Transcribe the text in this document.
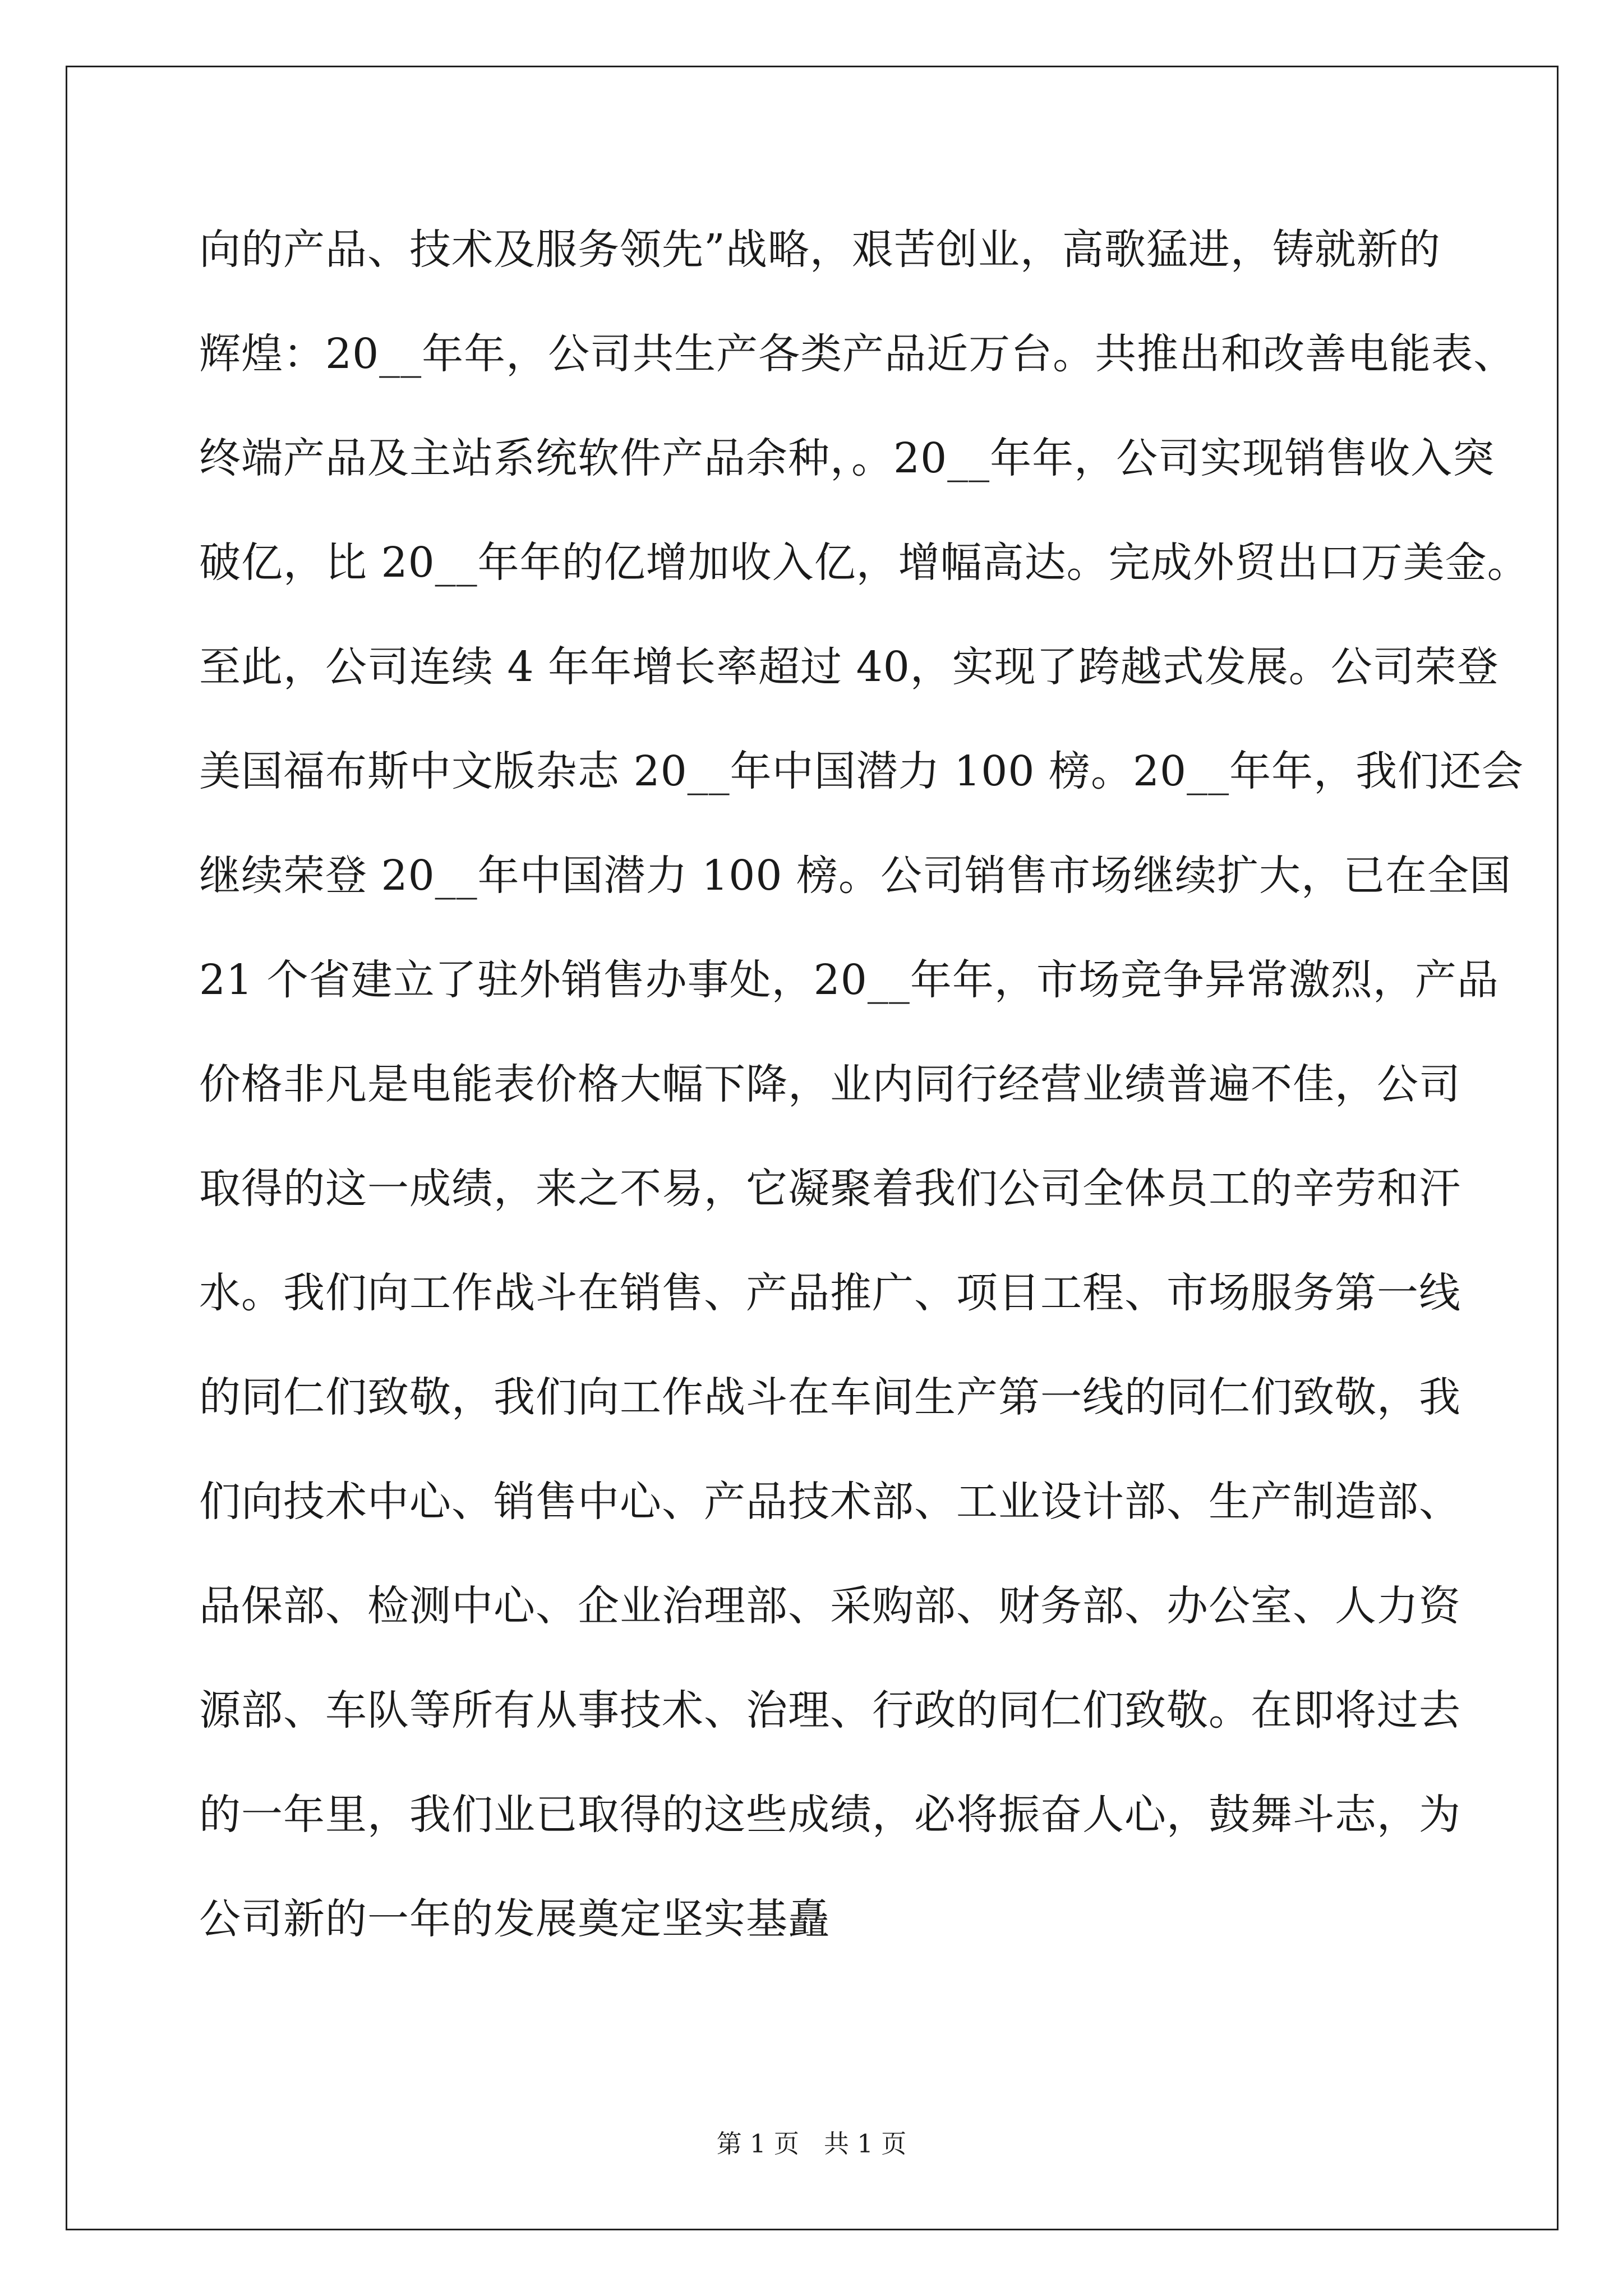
向的产品、技术及服务领先”战略，艰苦创业，高歌猛进，铸就新的
辉煌：20__年年，公司共生产各类产品近万台。共推出和改善电能表、
终端产品及主站系统软件产品余种，。20__年年，公司实现销售收入突
破亿，比 20__年年的亿增加收入亿，增幅高达。完成外贸出口万美金。
至此，公司连续 4 年年增长率超过 40，实现了跨越式发展。公司荣登
美国福布斯中文版杂志 20__年中国潜力 100 榜。20__年年，我们还会
继续荣登 20__年中国潜力 100 榜。公司销售市场继续扩大，已在全国
21 个省建立了驻外销售办事处，20__年年，市场竞争异常激烈，产品
价格非凡是电能表价格大幅下降，业内同行经营业绩普遍不佳，公司
取得的这一成绩，来之不易，它凝聚着我们公司全体员工的辛劳和汗
水。我们向工作战斗在销售、产品推广、项目工程、市场服务第一线
的同仁们致敬，我们向工作战斗在车间生产第一线的同仁们致敬，我
们向技术中心、销售中心、产品技术部、工业设计部、生产制造部、
品保部、检测中心、企业治理部、采购部、财务部、办公室、人力资
源部、车队等所有从事技术、治理、行政的同仁们致敬。在即将过去
的一年里，我们业已取得的这些成绩，必将振奋人心，鼓舞斗志，为
公司新的一年的发展奠定坚实基矗
第 1 页 共 1 页
